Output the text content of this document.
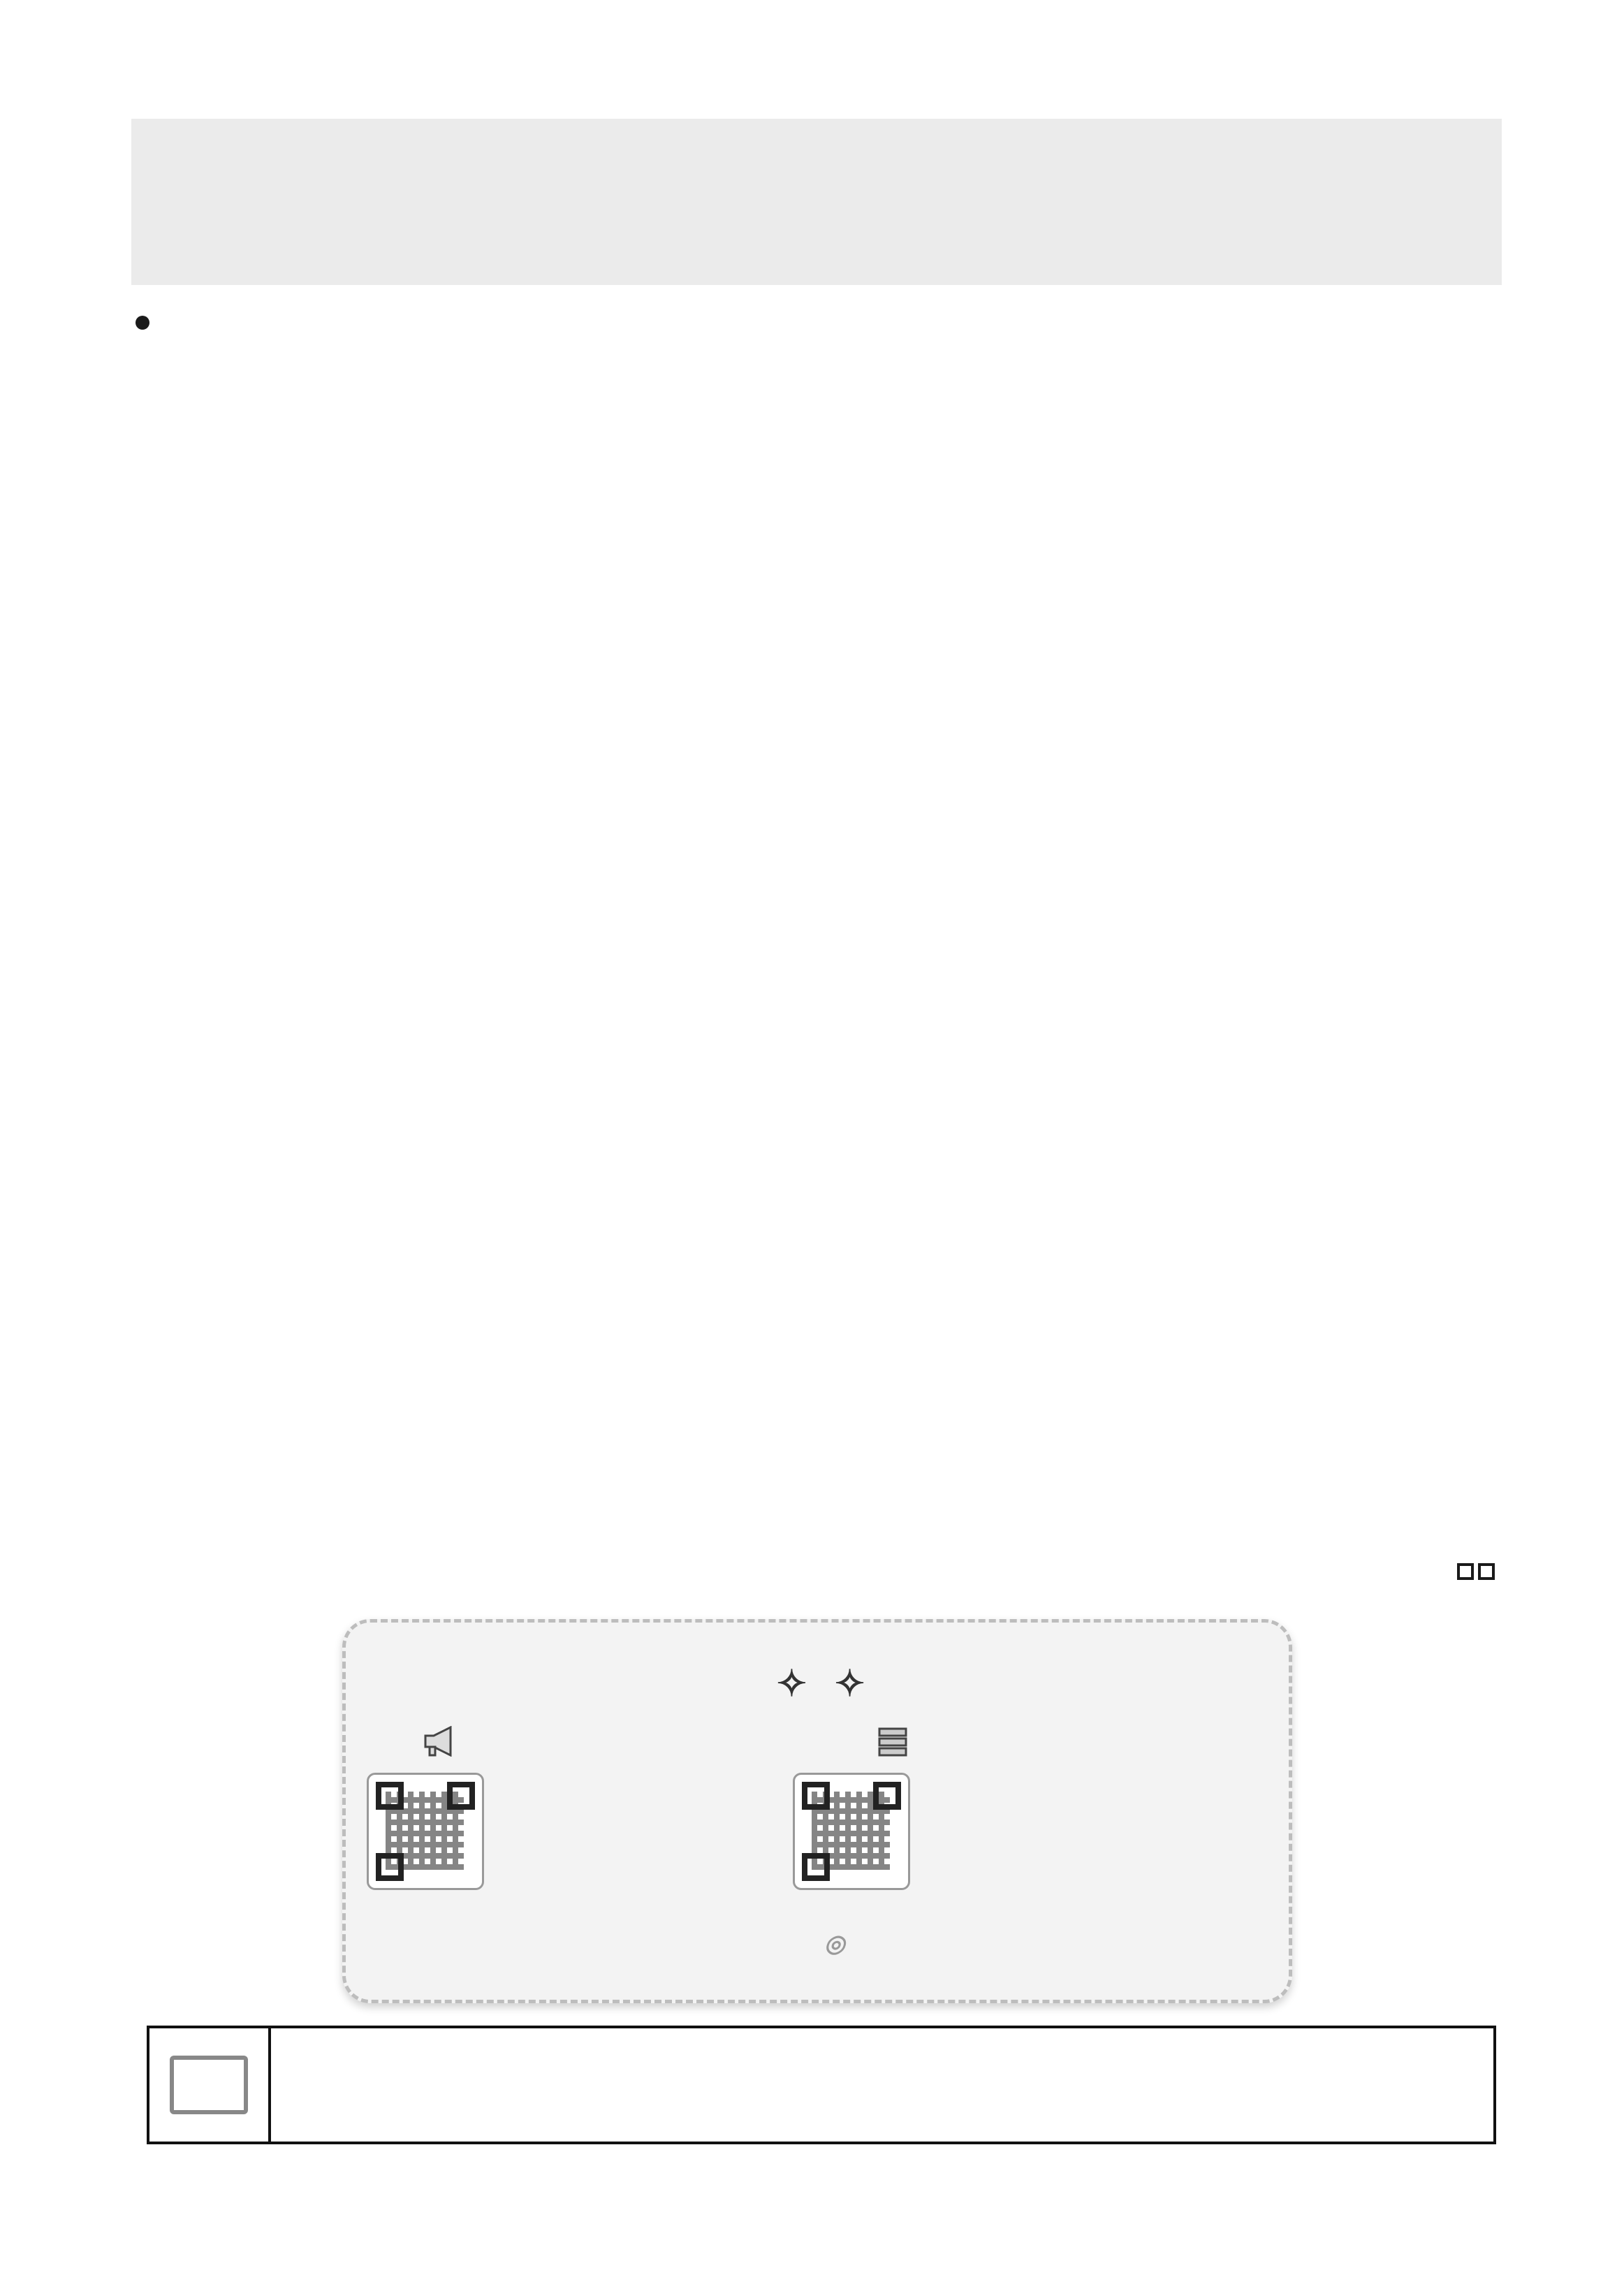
✧ ✧
◎
